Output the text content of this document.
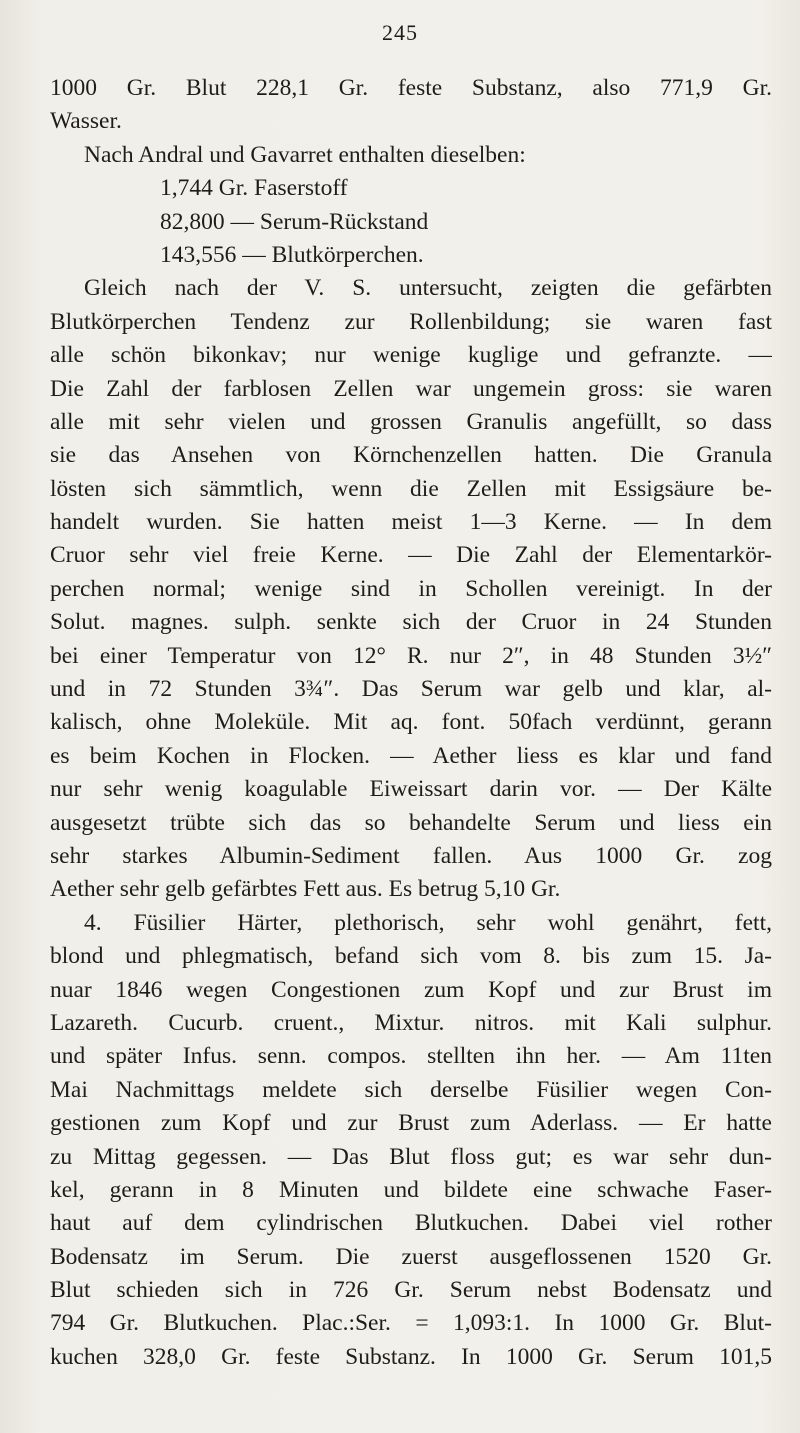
245
1000 Gr. Blut 228,1 Gr. feste Substanz, also 771,9 Gr.
Wasser.
Nach Andral und Gavarret enthalten dieselben:
1,744 Gr. Faserstoff
82,800 — Serum-Rückstand
143,556 — Blutkörperchen.
Gleich nach der V. S. untersucht, zeigten die gefärbten
Blutkörperchen Tendenz zur Rollenbildung; sie waren fast
alle schön bikonkav; nur wenige kuglige und gefranzte. —
Die Zahl der farblosen Zellen war ungemein gross: sie waren
alle mit sehr vielen und grossen Granulis angefüllt, so dass
sie das Ansehen von Körnchenzellen hatten. Die Granula
lösten sich sämmtlich, wenn die Zellen mit Essigsäure be-
handelt wurden. Sie hatten meist 1—3 Kerne. — In dem
Cruor sehr viel freie Kerne. — Die Zahl der Elementarkör-
perchen normal; wenige sind in Schollen vereinigt. In der
Solut. magnes. sulph. senkte sich der Cruor in 24 Stunden
bei einer Temperatur von 12° R. nur 2″, in 48 Stunden 3½″
und in 72 Stunden 3¾″. Das Serum war gelb und klar, al-
kalisch, ohne Moleküle. Mit aq. font. 50fach verdünnt, gerann
es beim Kochen in Flocken. — Aether liess es klar und fand
nur sehr wenig koagulable Eiweissart darin vor. — Der Kälte
ausgesetzt trübte sich das so behandelte Serum und liess ein
sehr starkes Albumin-Sediment fallen. Aus 1000 Gr. zog
Aether sehr gelb gefärbtes Fett aus. Es betrug 5,10 Gr.
4. Füsilier Härter, plethorisch, sehr wohl genährt, fett,
blond und phlegmatisch, befand sich vom 8. bis zum 15. Ja-
nuar 1846 wegen Congestionen zum Kopf und zur Brust im
Lazareth. Cucurb. cruent., Mixtur. nitros. mit Kali sulphur.
und später Infus. senn. compos. stellten ihn her. — Am 11ten
Mai Nachmittags meldete sich derselbe Füsilier wegen Con-
gestionen zum Kopf und zur Brust zum Aderlass. — Er hatte
zu Mittag gegessen. — Das Blut floss gut; es war sehr dun-
kel, gerann in 8 Minuten und bildete eine schwache Faser-
haut auf dem cylindrischen Blutkuchen. Dabei viel rother
Bodensatz im Serum. Die zuerst ausgeflossenen 1520 Gr.
Blut schieden sich in 726 Gr. Serum nebst Bodensatz und
794 Gr. Blutkuchen. Plac.:Ser. = 1,093:1. In 1000 Gr. Blut-
kuchen 328,0 Gr. feste Substanz. In 1000 Gr. Serum 101,5
